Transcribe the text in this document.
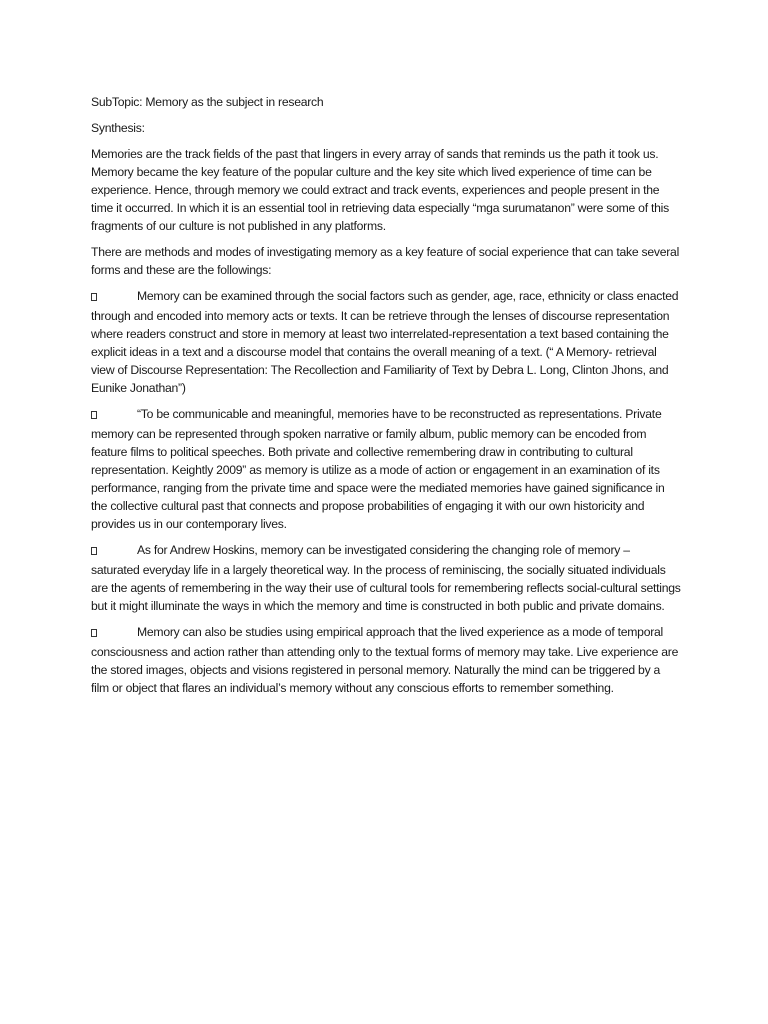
SubTopic: Memory as the subject in research

Synthesis:

Memories are the track fields of the past that lingers in every array of sands that reminds us the path it took us. Memory became the key feature of the popular culture and the key site which lived experience of time can be experience. Hence, through memory we could extract and track events, experiences and people present in the time it occurred. In which it is an essential tool in retrieving data especially “mga surumatanon” were some of this fragments of our culture is not published in any platforms.

There are methods and modes of investigating memory as a key feature of social experience that can take several forms and these are the followings:

Memory can be examined through the social factors such as gender, age, race, ethnicity or class enacted through and encoded into memory acts or texts. It can be retrieve through the lenses of discourse representation where readers construct and store in memory at least two interrelated-representation a text based containing the explicit ideas in a text and a discourse model that contains the overall meaning of a text. (“ A Memory- retrieval view of Discourse Representation: The Recollection and Familiarity of Text by Debra L. Long, Clinton Jhons, and Eunike Jonathan”)

“To be communicable and meaningful, memories have to be reconstructed as representations. Private memory can be represented through spoken narrative or family album, public memory can be encoded from feature films to political speeches. Both private and collective remembering draw in contributing to cultural representation. Keightly 2009” as memory is utilize as a mode of action or engagement in an examination of its performance, ranging from the private time and space were the mediated memories have gained significance in the collective cultural past that connects and propose probabilities of engaging it with our own historicity and provides us in our contemporary lives.

As for Andrew Hoskins, memory can be investigated considering the changing role of memory – saturated everyday life in a largely theoretical way. In the process of reminiscing, the socially situated individuals are the agents of remembering in the way their use of cultural tools for remembering reflects social-cultural settings but it might illuminate the ways in which the memory and time is constructed in both public and private domains.

Memory can also be studies using empirical approach that the lived experience as a mode of temporal consciousness and action rather than attending only to the textual forms of memory may take. Live experience are the stored images, objects and visions registered in personal memory. Naturally the mind can be triggered by a film or object that flares an individual’s memory without any conscious efforts to remember something.
